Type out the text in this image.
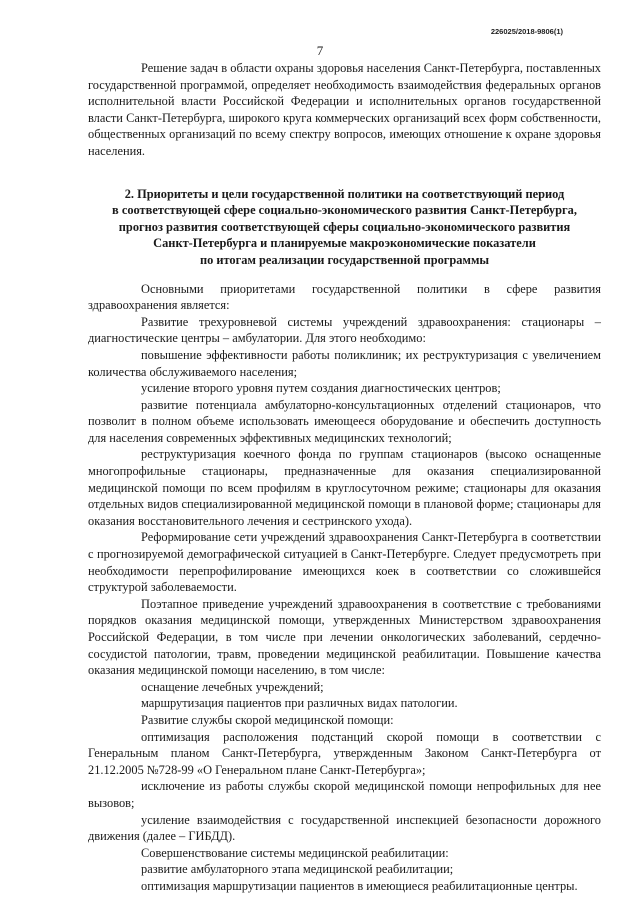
226025/2018-9806(1)
7

Решение задач в области охраны здоровья населения Санкт-Петербурга, поставленных государственной программой, определяет необходимость взаимодействия федеральных органов исполнительной власти Российской Федерации и исполнительных органов государственной власти Санкт-Петербурга, широкого круга коммерческих организаций всех форм собственности, общественных организаций по всему спектру вопросов, имеющих отношение к охране здоровья населения.

2. Приоритеты и цели государственной политики на соответствующий период
в соответствующей сфере социально-экономического развития Санкт-Петербурга,
прогноз развития соответствующей сферы социально-экономического развития
Санкт-Петербурга и планируемые макроэкономические показатели
по итогам реализации государственной программы

Основными приоритетами государственной политики в сфере развития здравоохранения является:

Развитие трехуровневой системы учреждений здравоохранения: стационары – диагностические центры – амбулатории. Для этого необходимо:

повышение эффективности работы поликлиник; их реструктуризация с увеличением количества обслуживаемого населения;

усиление второго уровня путем создания диагностических центров;

развитие потенциала амбулаторно-консультационных отделений стационаров, что позволит в полном объеме использовать имеющееся оборудование и обеспечить доступность для населения современных эффективных медицинских технологий;

реструктуризация коечного фонда по группам стационаров (высоко оснащенные многопрофильные стационары, предназначенные для оказания специализированной медицинской помощи по всем профилям в круглосуточном режиме; стационары для оказания отдельных видов специализированной медицинской помощи в плановой форме; стационары для оказания восстановительного лечения и сестринского ухода).

Реформирование сети учреждений здравоохранения Санкт-Петербурга в соответствии с прогнозируемой демографической ситуацией в Санкт-Петербурге. Следует предусмотреть при необходимости перепрофилирование имеющихся коек в соответствии со сложившейся структурой заболеваемости.

Поэтапное приведение учреждений здравоохранения в соответствие с требованиями порядков оказания медицинской помощи, утвержденных Министерством здравоохранения Российской Федерации, в том числе при лечении онкологических заболеваний, сердечно-сосудистой патологии, травм, проведении медицинской реабилитации. Повышение качества оказания медицинской помощи населению, в том числе:

оснащение лечебных учреждений;

маршрутизация пациентов при различных видах патологии.

Развитие службы скорой медицинской помощи:

оптимизация расположения подстанций скорой помощи в соответствии с Генеральным планом Санкт-Петербурга, утвержденным Законом Санкт-Петербурга от 21.12.2005 №728-99 «О Генеральном плане Санкт-Петербурга»;

исключение из работы службы скорой медицинской помощи непрофильных для нее вызовов;

усиление взаимодействия с государственной инспекцией безопасности дорожного движения (далее – ГИБДД).

Совершенствование системы медицинской реабилитации:

развитие амбулаторного этапа медицинской реабилитации;

оптимизация маршрутизации пациентов в имеющиеся реабилитационные центры.
